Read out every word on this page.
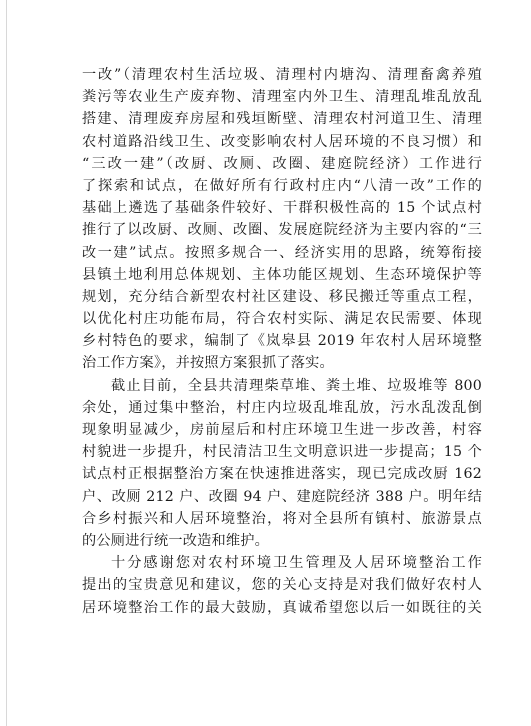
一改”（清理农村生活垃圾、清理村内塘沟、清理畜禽养殖
粪污等农业生产废弃物、清理室内外卫生、清理乱堆乱放乱
搭建、清理废弃房屋和残垣断壁、清理农村河道卫生、清理
农村道路沿线卫生、改变影响农村人居环境的不良习惯）和
“三改一建”（改厨、改厕、改圈、建庭院经济）工作进行
了探索和试点，在做好所有行政村庄内“八清一改”工作的
基础上遴选了基础条件较好、干群积极性高的 15 个试点村
推行了以改厨、改厕、改圈、发展庭院经济为主要内容的“三
改一建”试点。按照多规合一、经济实用的思路，统筹衔接
县镇土地利用总体规划、主体功能区规划、生态环境保护等
规划，充分结合新型农村社区建设、移民搬迁等重点工程，
以优化村庄功能布局，符合农村实际、满足农民需要、体现
乡村特色的要求，编制了《岚皋县 2019 年农村人居环境整
治工作方案》，并按照方案狠抓了落实。
截止目前，全县共清理柴草堆、粪土堆、垃圾堆等 800
余处，通过集中整治，村庄内垃圾乱堆乱放，污水乱泼乱倒
现象明显减少，房前屋后和村庄环境卫生进一步改善，村容
村貌进一步提升，村民清洁卫生文明意识进一步提高；15 个
试点村正根据整治方案在快速推进落实，现已完成改厨 162
户、改厕 212 户、改圈 94 户、建庭院经济 388 户。明年结
合乡村振兴和人居环境整治，将对全县所有镇村、旅游景点
的公厕进行统一改造和维护。
十分感谢您对农村环境卫生管理及人居环境整治工作
提出的宝贵意见和建议，您的关心支持是对我们做好农村人
居环境整治工作的最大鼓励，真诚希望您以后一如既往的关
